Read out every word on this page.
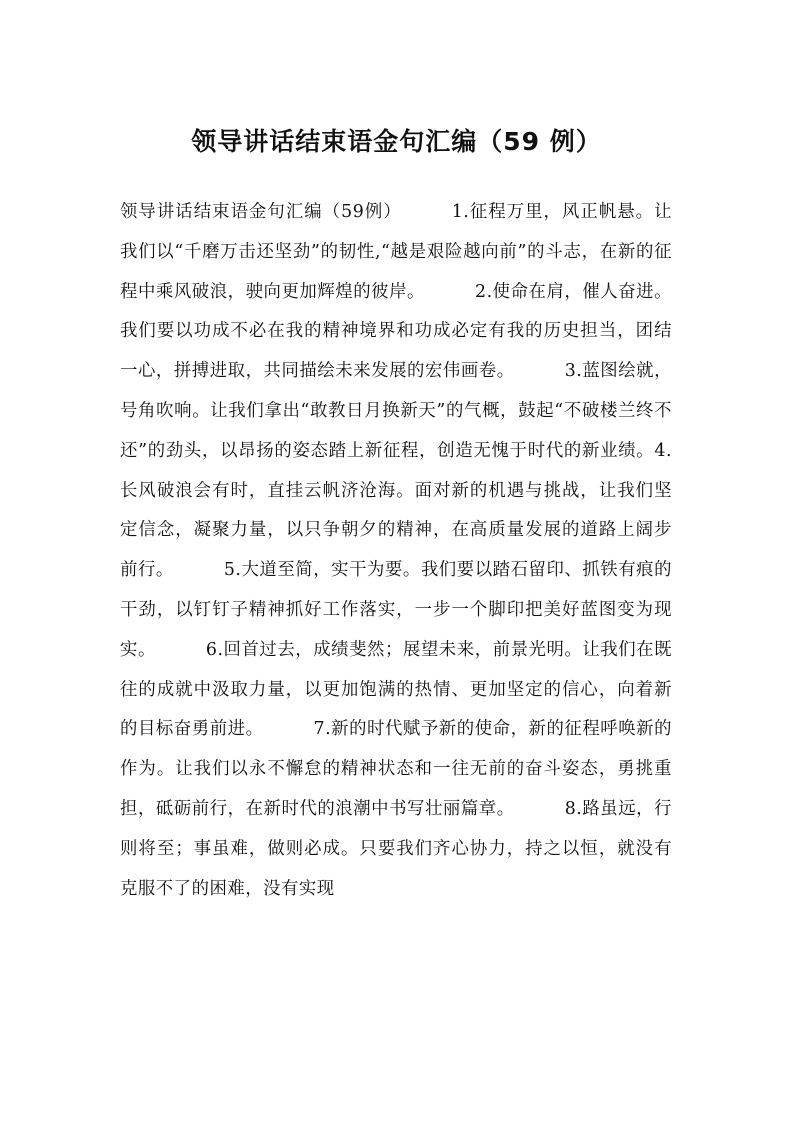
领导讲话结束语金句汇编（59 例）

领导讲话结束语金句汇编（59例）	1.征程万里，风正帆悬。让我们以“千磨万击还坚劲”的韧性,“越是艰险越向前”的斗志，在新的征程中乘风破浪，驶向更加辉煌的彼岸。	2.使命在肩，催人奋进。我们要以功成不必在我的精神境界和功成必定有我的历史担当，团结一心，拼搏进取，共同描绘未来发展的宏伟画卷。	3.蓝图绘就，号角吹响。让我们拿出“敢教日月换新天”的气概，鼓起“不破楼兰终不还”的劲头，以昂扬的姿态踏上新征程，创造无愧于时代的新业绩。4.长风破浪会有时，直挂云帆济沧海。面对新的机遇与挑战，让我们坚定信念，凝聚力量，以只争朝夕的精神，在高质量发展的道路上阔步前行。	5.大道至简，实干为要。我们要以踏石留印、抓铁有痕的干劲，以钉钉子精神抓好工作落实，一步一个脚印把美好蓝图变为现实。	6.回首过去，成绩斐然；展望未来，前景光明。让我们在既往的成就中汲取力量，以更加饱满的热情、更加坚定的信心，向着新的目标奋勇前进。	7.新的时代赋予新的使命，新的征程呼唤新的作为。让我们以永不懈怠的精神状态和一往无前的奋斗姿态，勇挑重担，砥砺前行，在新时代的浪潮中书写壮丽篇章。	8.路虽远，行则将至；事虽难，做则必成。只要我们齐心协力，持之以恒，就没有克服不了的困难，没有实现
